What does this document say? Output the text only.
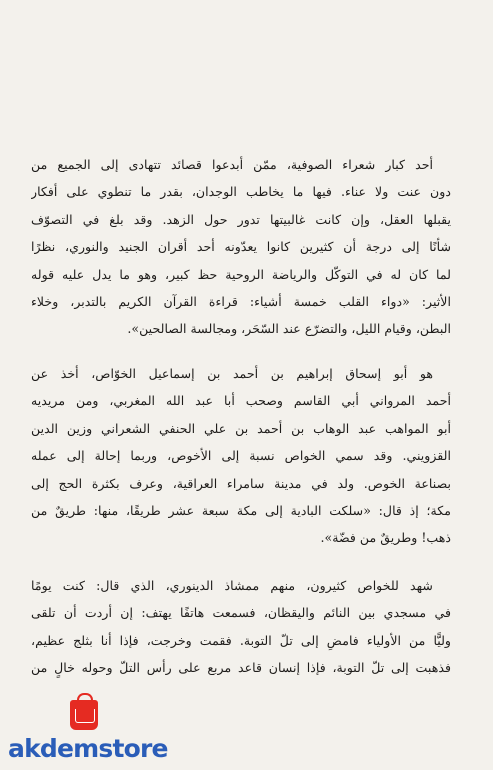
أحد كبار شعراء الصوفية، ممّن أبدعوا قصائد تتهادى إلى الجميع من
دون عنت ولا عناء. فيها ما يخاطب الوجدان، بقدر ما تنطوي على أفكار
يقبلها العقل، وإن كانت غالبيتها تدور حول الزهد. وقد بلغ في التصوّف
شأنًا إلى درجة أن كثيرين كانوا يعدّونه أحد أقران الجنيد والنوري، نظرًا
لما كان له في التوكّل والرياضة الروحية حظ كبير، وهو ما يدل عليه قوله
الأثير: «دواء القلب خمسة أشياء: قراءة القرآن الكريم بالتدبر، وخلاء
البطن، وقيام الليل، والتضرّع عند السّحَر، ومجالسة الصالحين».
هو أبو إسحاق إبراهيم بن أحمد بن إسماعيل الخوّاص، أخذ عن
أحمد المرواني أبي القاسم وصحب أبا عبد الله المغربي، ومن مريديه
أبو المواهب عبد الوهاب بن أحمد بن علي الحنفي الشعراني وزين الدين
القزويني. وقد سمي الخواص نسبة إلى الأخوص، وربما إحالة إلى عمله
بصناعة الخوص. ولد في مدينة سامراء العراقية، وعرف بكثرة الحج إلى
مكة؛ إذ قال: «سلكت البادية إلى مكة سبعة عشر طريقًا، منها: طريقٌ من
ذهب! وطريقٌ من فضّة».
شهد للخواص كثيرون، منهم ممشاذ الدينوري، الذي قال: كنت يومًا
في مسجدي بين النائم واليقظان، فسمعت هاتفًا يهتف: إن أردت أن تلقى
وليًّا من الأولياء فامضِ إلى تلّ التوبة. فقمت وخرجت، فإذا أنا بثلج عظيم،
فذهبت إلى تلّ التوبة، فإذا إنسان قاعد مربع على رأس التلّ وحوله خالٍ من
akdemstore
